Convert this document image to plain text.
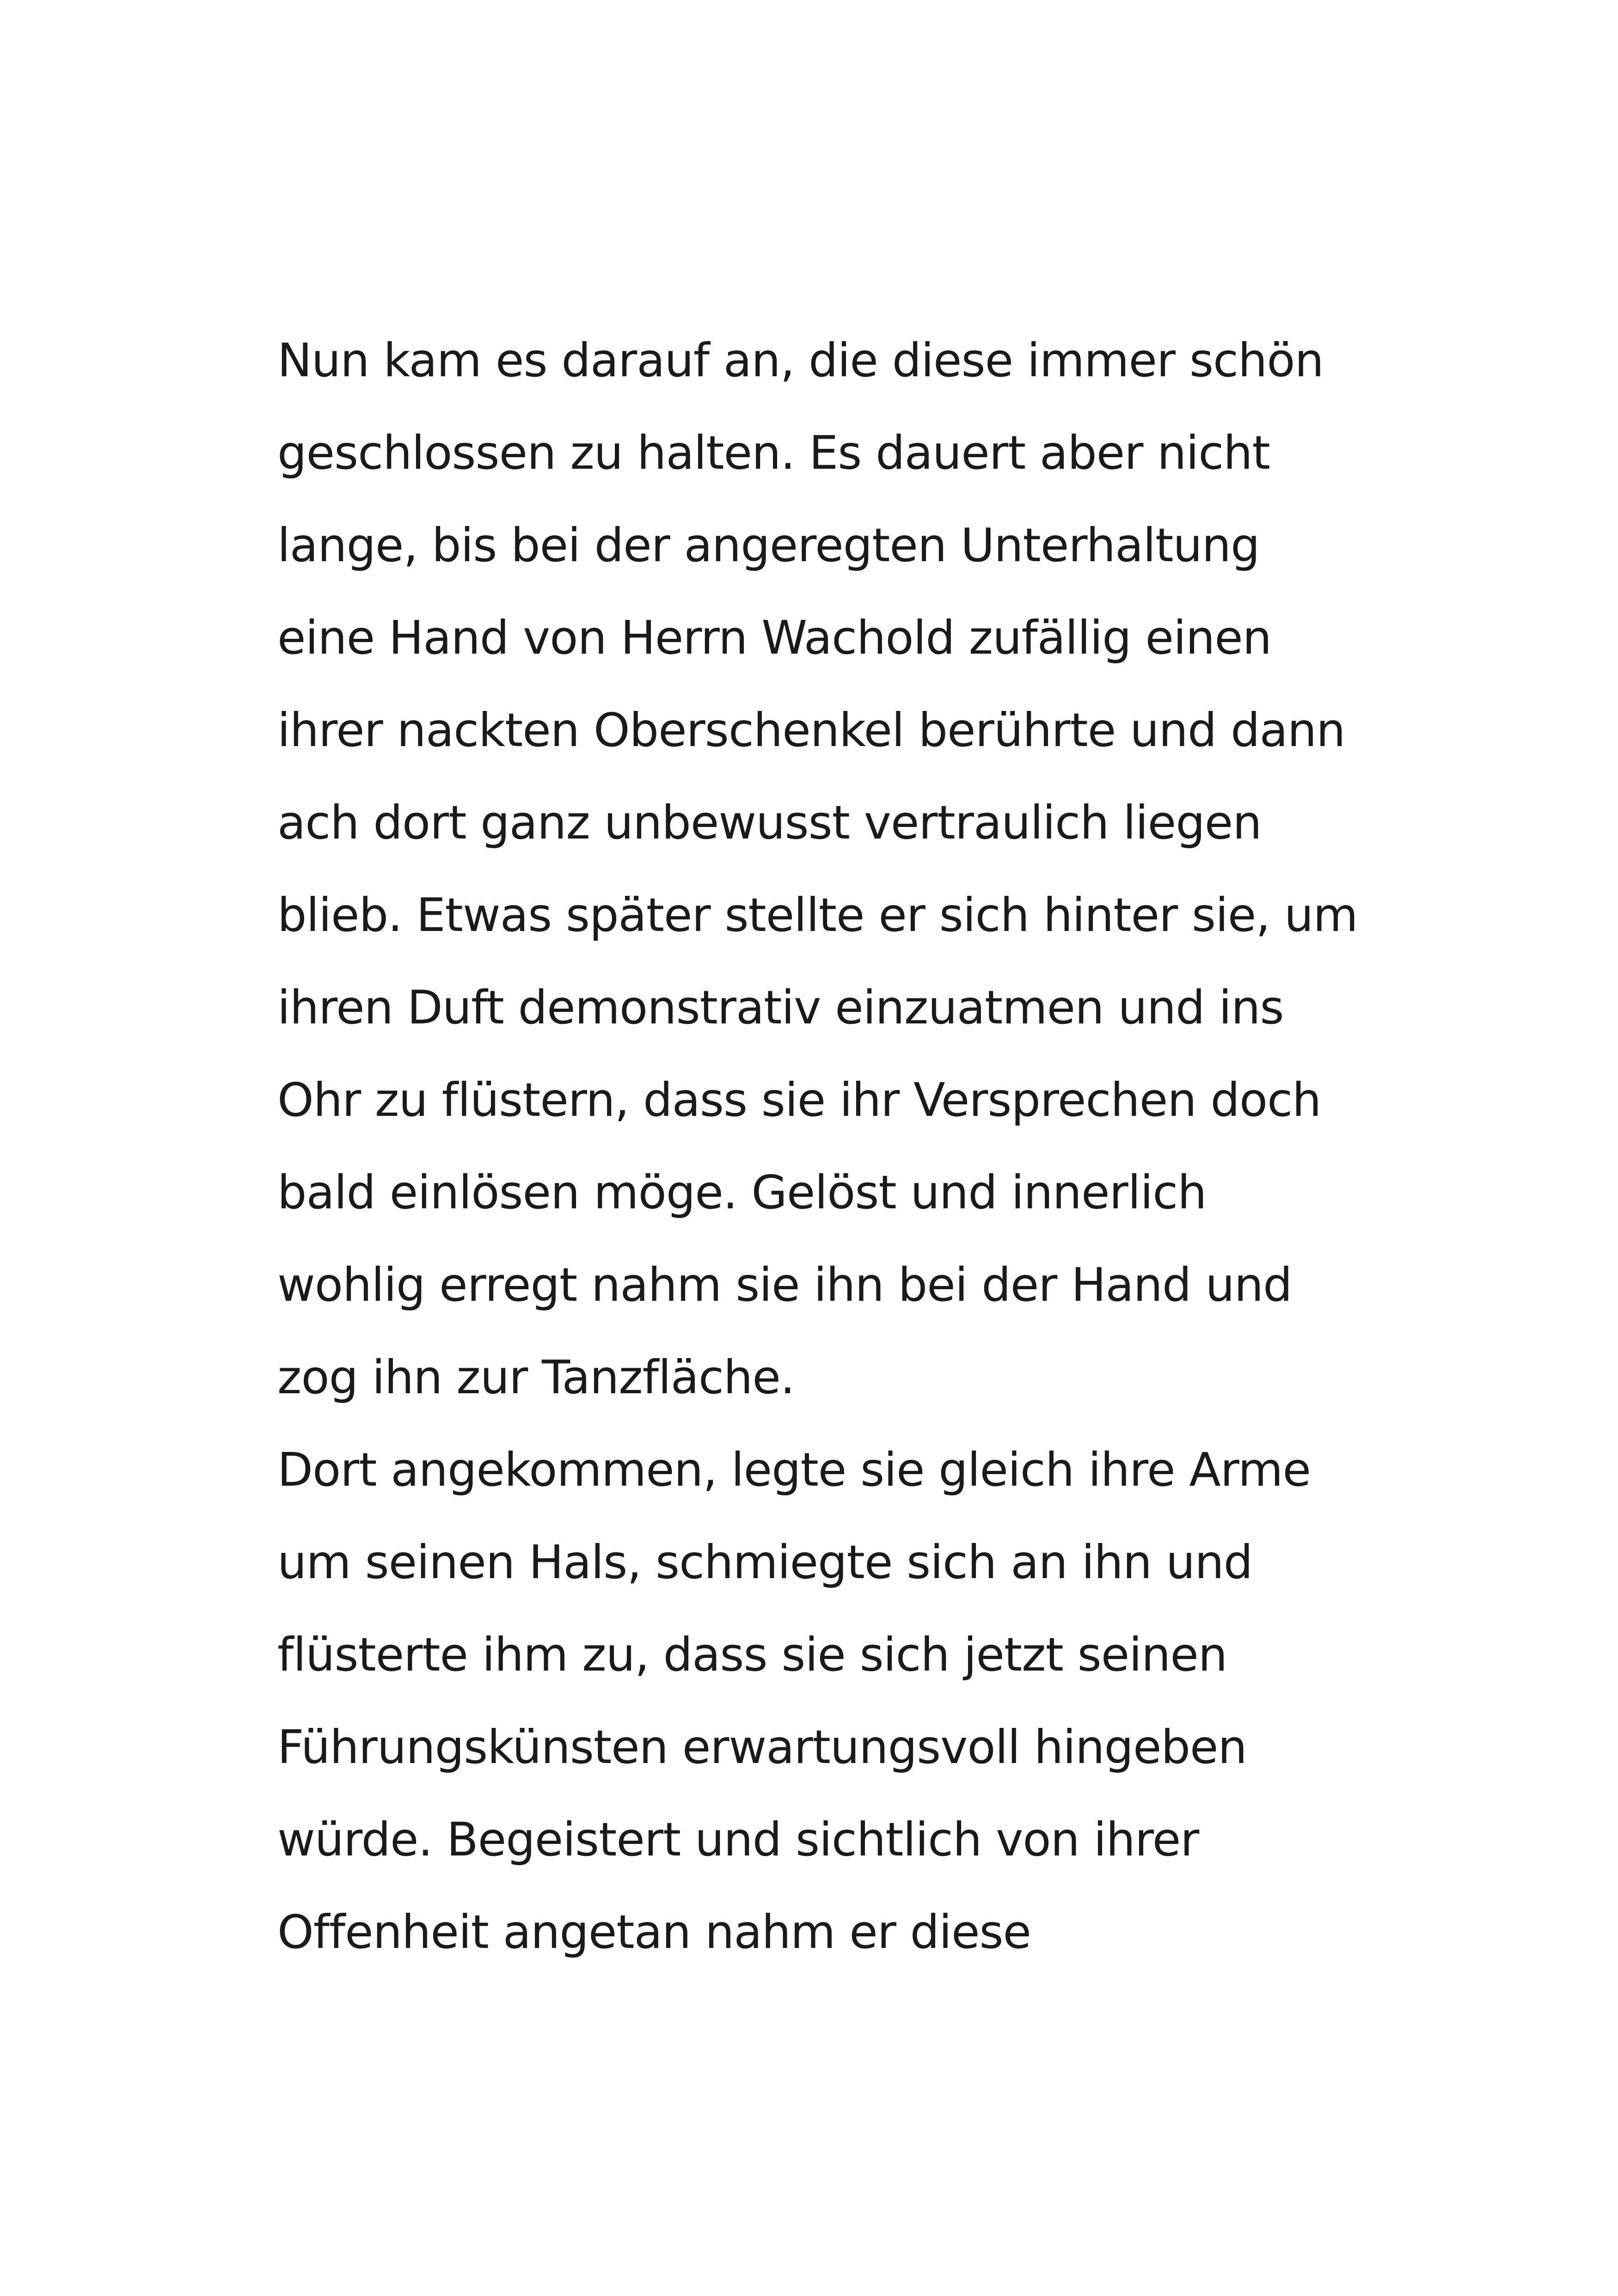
Nun kam es darauf an, die diese immer schön
geschlossen zu halten. Es dauert aber nicht
lange, bis bei der angeregten Unterhaltung
eine Hand von Herrn Wachold zufällig einen
ihrer nackten Oberschenkel berührte und dann
ach dort ganz unbewusst vertraulich liegen
blieb. Etwas später stellte er sich hinter sie, um
ihren Duft demonstrativ einzuatmen und ins
Ohr zu flüstern, dass sie ihr Versprechen doch
bald einlösen möge. Gelöst und innerlich
wohlig erregt nahm sie ihn bei der Hand und
zog ihn zur Tanzfläche.
Dort angekommen, legte sie gleich ihre Arme
um seinen Hals, schmiegte sich an ihn und
flüsterte ihm zu, dass sie sich jetzt seinen
Führungskünsten erwartungsvoll hingeben
würde. Begeistert und sichtlich von ihrer
Offenheit angetan nahm er diese
